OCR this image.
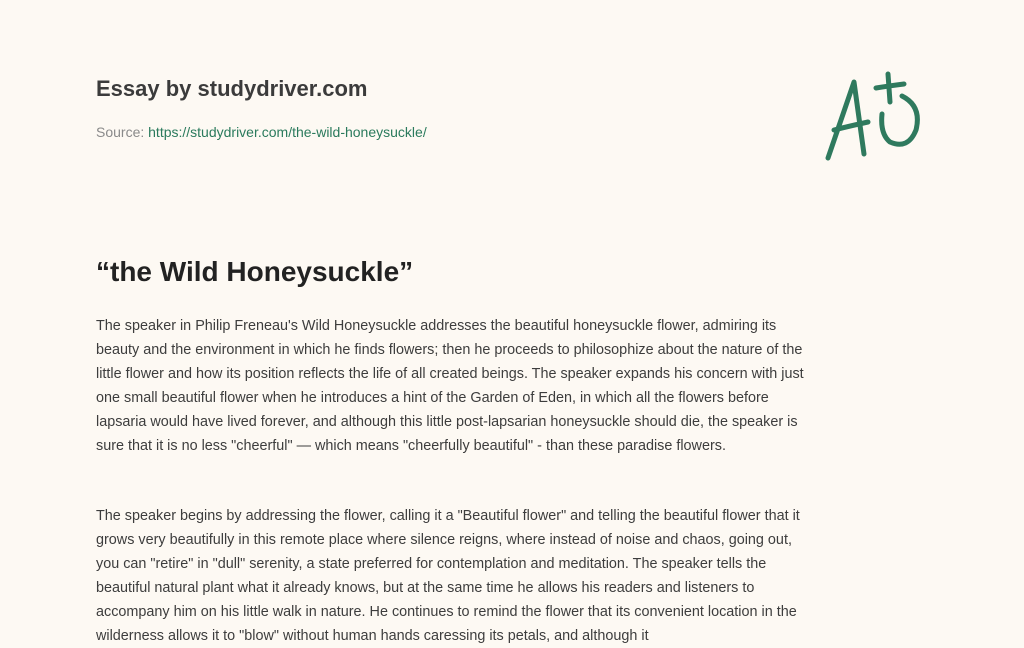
Essay by studydriver.com
Source: https://studydriver.com/the-wild-honeysuckle/
“the Wild Honeysuckle”
The speaker in Philip Freneau's Wild Honeysuckle addresses the beautiful honeysuckle flower, admiring its
beauty and the environment in which he finds flowers; then he proceeds to philosophize about the nature of the
little flower and how its position reflects the life of all created beings. The speaker expands his concern with just
one small beautiful flower when he introduces a hint of the Garden of Eden, in which all the flowers before
lapsaria would have lived forever, and although this little post-lapsarian honeysuckle should die, the speaker is
sure that it is no less "cheerful" — which means "cheerfully beautiful" - than these paradise flowers.
The speaker begins by addressing the flower, calling it a "Beautiful flower" and telling the beautiful flower that it
grows very beautifully in this remote place where silence reigns, where instead of noise and chaos, going out,
you can "retire" in "dull" serenity, a state preferred for contemplation and meditation. The speaker tells the
beautiful natural plant what it already knows, but at the same time he allows his readers and listeners to
accompany him on his little walk in nature. He continues to remind the flower that its convenient location in the
wilderness allows it to "blow" without human hands caressing its petals, and although it
